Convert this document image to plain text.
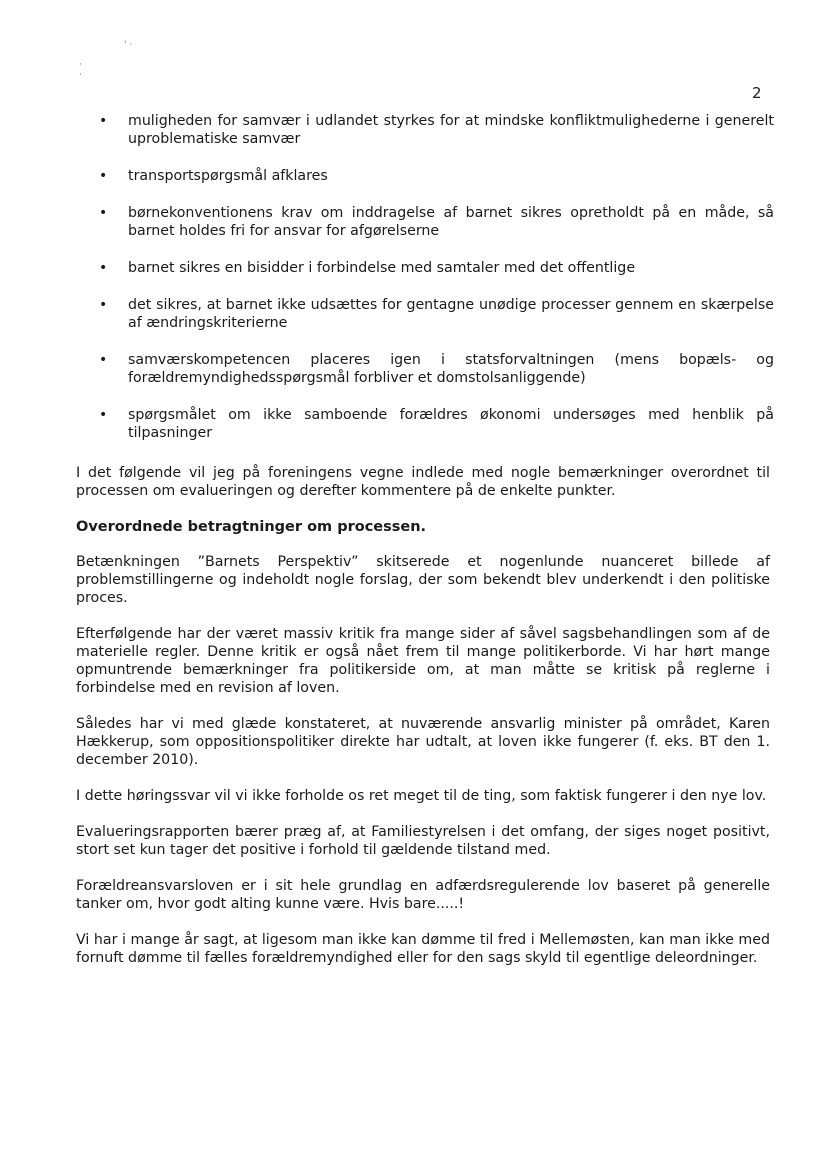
' ·
·
·
2
• muligheden for samvær i udlandet styrkes for at mindske konfliktmulighederne i generelt uproblematiske samvær
• transportspørgsmål afklares
• børnekonventionens krav om inddragelse af barnet sikres opretholdt på en måde, så barnet holdes fri for ansvar for afgørelserne
• barnet sikres en bisidder i forbindelse med samtaler med det offentlige
• det sikres, at barnet ikke udsættes for gentagne unødige processer gennem en skærpelse af ændringskriterierne
• samværskompetencen placeres igen i statsforvaltningen (mens bopæls- og forældremyndighedsspørgsmål forbliver et domstolsanliggende)
• spørgsmålet om ikke samboende forældres økonomi undersøges med henblik på tilpasninger

I det følgende vil jeg på foreningens vegne indlede med nogle bemærkninger overordnet til processen om evalueringen og derefter kommentere på de enkelte punkter.

Overordnede betragtninger om processen.

Betænkningen ”Barnets Perspektiv” skitserede et nogenlunde nuanceret billede af problemstillingerne og indeholdt nogle forslag, der som bekendt blev underkendt i den politiske proces.

Efterfølgende har der været massiv kritik fra mange sider af såvel sagsbehandlingen som af de materielle regler. Denne kritik er også nået frem til mange politikerborde. Vi har hørt mange opmuntrende bemærkninger fra politikerside om, at man måtte se kritisk på reglerne i forbindelse med en revision af loven.

Således har vi med glæde konstateret, at nuværende ansvarlig minister på området, Karen Hækkerup, som oppositionspolitiker direkte har udtalt, at loven ikke fungerer (f. eks. BT den 1. december 2010).

I dette høringssvar vil vi ikke forholde os ret meget til de ting, som faktisk fungerer i den nye lov.

Evalueringsrapporten bærer præg af, at Familiestyrelsen i det omfang, der siges noget positivt, stort set kun tager det positive i forhold til gældende tilstand med.

Forældreansvarsloven er i sit hele grundlag en adfærdsregulerende lov baseret på generelle tanker om, hvor godt alting kunne være. Hvis bare.....!

Vi har i mange år sagt, at ligesom man ikke kan dømme til fred i Mellemøsten, kan man ikke med fornuft dømme til fælles forældremyndighed eller for den sags skyld til egentlige deleordninger.
